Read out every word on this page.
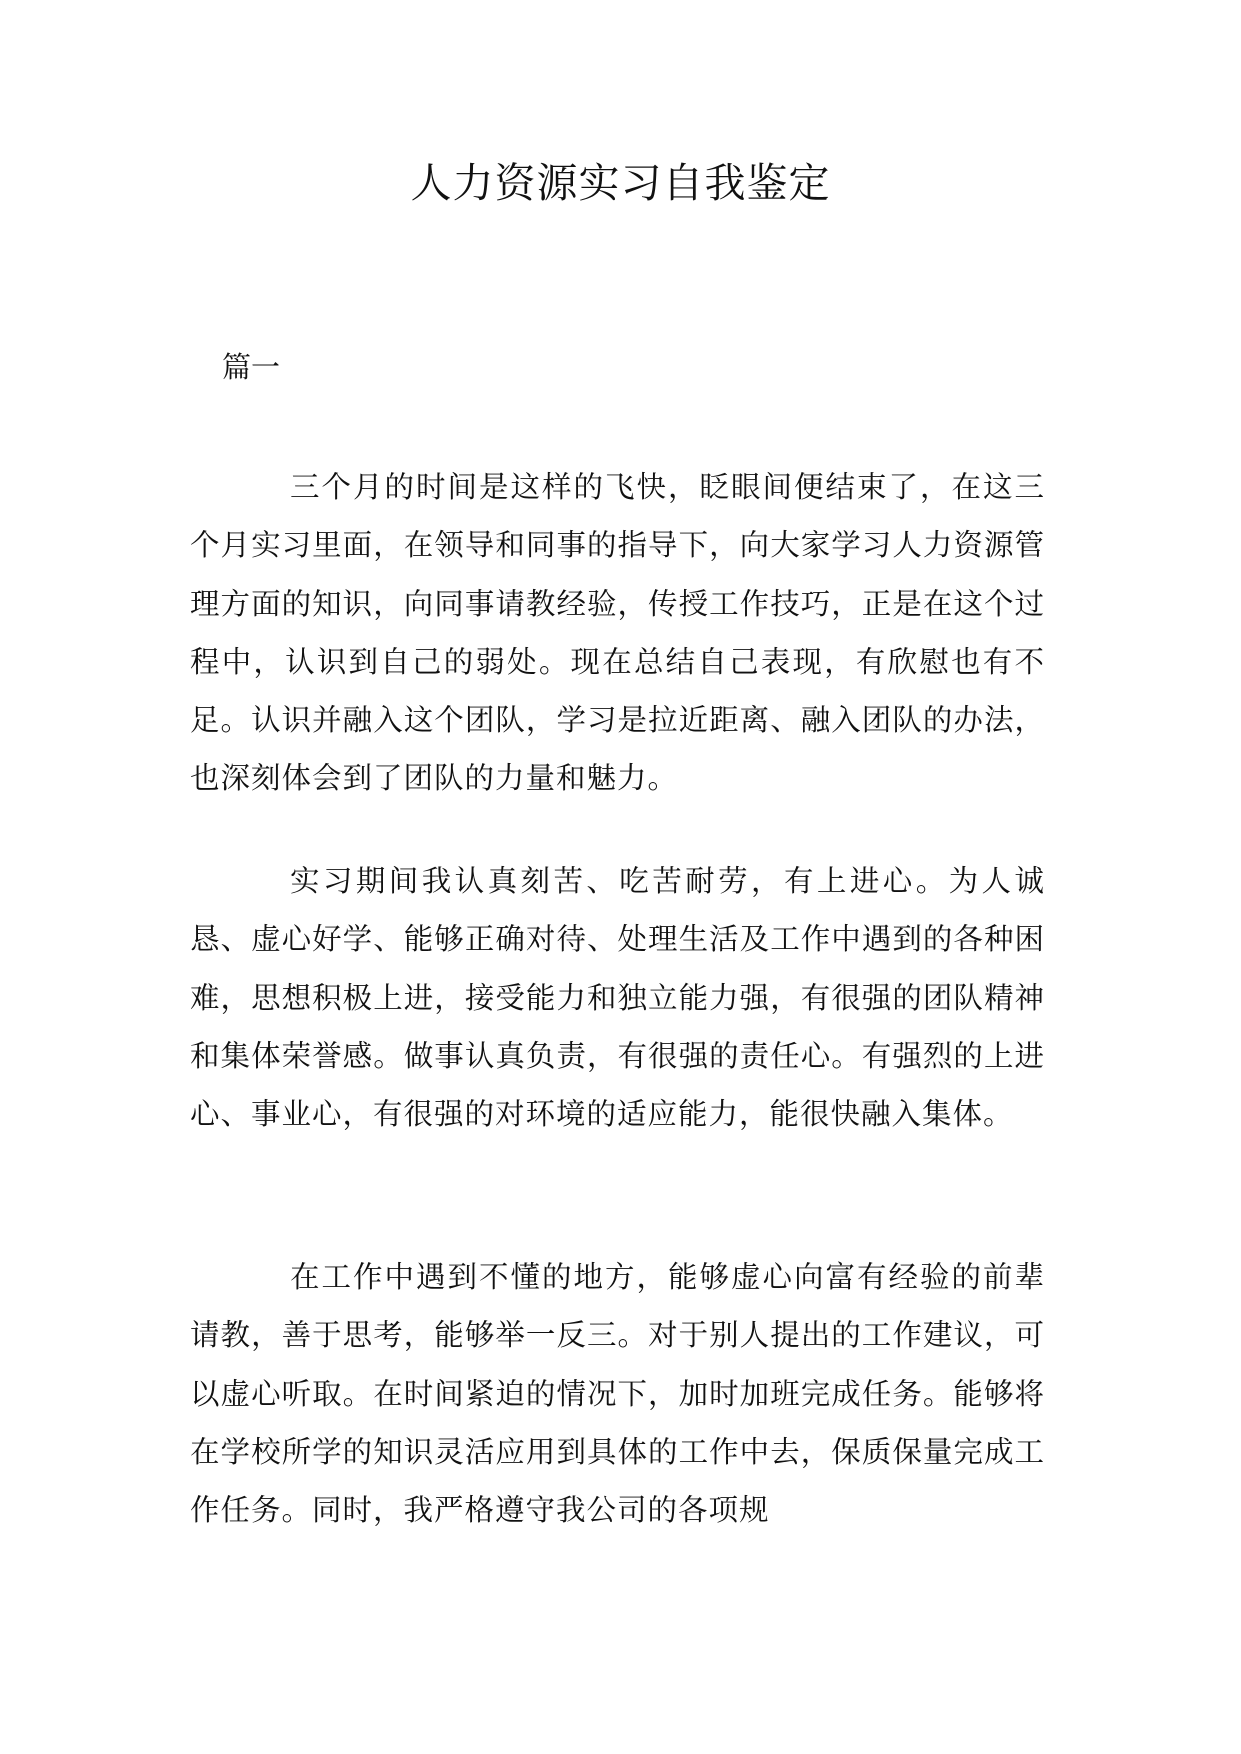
人力资源实习自我鉴定
篇一

三个月的时间是这样的飞快，眨眼间便结束了，在这三个月实习里面，在领导和同事的指导下，向大家学习人力资源管理方面的知识，向同事请教经验，传授工作技巧，正是在这个过程中，认识到自己的弱处。现在总结自己表现，有欣慰也有不足。认识并融入这个团队，学习是拉近距离、融入团队的办法，也深刻体会到了团队的力量和魅力。

实习期间我认真刻苦、吃苦耐劳，有上进心。为人诚恳、虚心好学、能够正确对待、处理生活及工作中遇到的各种困难，思想积极上进，接受能力和独立能力强，有很强的团队精神和集体荣誉感。做事认真负责，有很强的责任心。有强烈的上进心、事业心，有很强的对环境的适应能力，能很快融入集体。

在工作中遇到不懂的地方，能够虚心向富有经验的前辈请教，善于思考，能够举一反三。对于别人提出的工作建议，可以虚心听取。在时间紧迫的情况下，加时加班完成任务。能够将在学校所学的知识灵活应用到具体的工作中去，保质保量完成工作任务。同时，我严格遵守我公司的各项规
